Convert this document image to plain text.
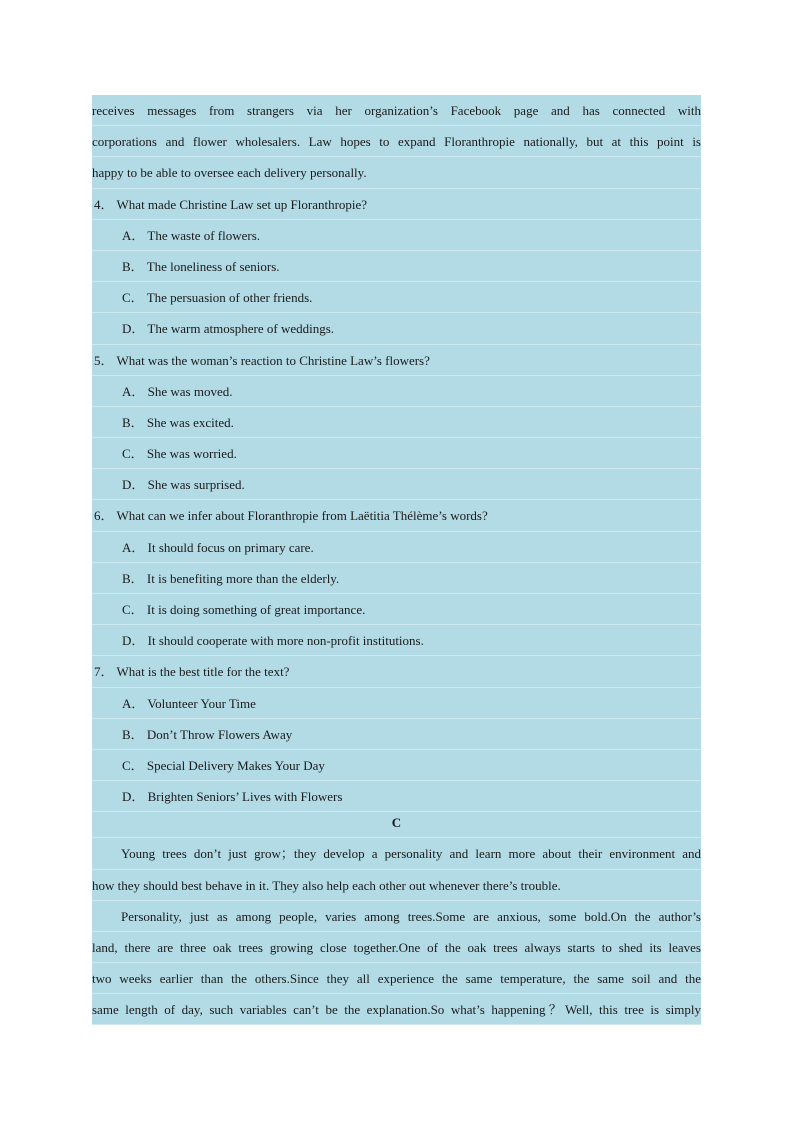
receives messages from strangers via her organization’s Facebook page and has connected with
corporations and flower wholesalers. Law hopes to expand Floranthropie nationally, but at this point is
happy to be able to oversee each delivery personally.
4． What made Christine Law set up Floranthropie?
A． The waste of flowers.
B． The loneliness of seniors.
C． The persuasion of other friends.
D． The warm atmosphere of weddings.
5． What was the woman’s reaction to Christine Law’s flowers?
A． She was moved.
B． She was excited.
C． She was worried.
D． She was surprised.
6． What can we infer about Floranthropie from Laëtitia Thélème’s words?
A． It should focus on primary care.
B． It is benefiting more than the elderly.
C． It is doing something of great importance.
D． It should cooperate with more non-profit institutions.
7． What is the best title for the text?
A． Volunteer Your Time
B． Don’t Throw Flowers Away
C． Special Delivery Makes Your Day
D． Brighten Seniors’ Lives with Flowers
C
Young trees don’t just grow；they develop a personality and learn more about their environment and
how they should best behave in it. They also help each other out whenever there’s trouble.
Personality, just as among people, varies among trees.Some are anxious, some bold.On the author’s
land, there are three oak trees growing close together.One of the oak trees always starts to shed its leaves
two weeks earlier than the others.Since they all experience the same temperature, the same soil and the
same length of day, such variables can’t be the explanation.So what’s happening？Well, this tree is simply
